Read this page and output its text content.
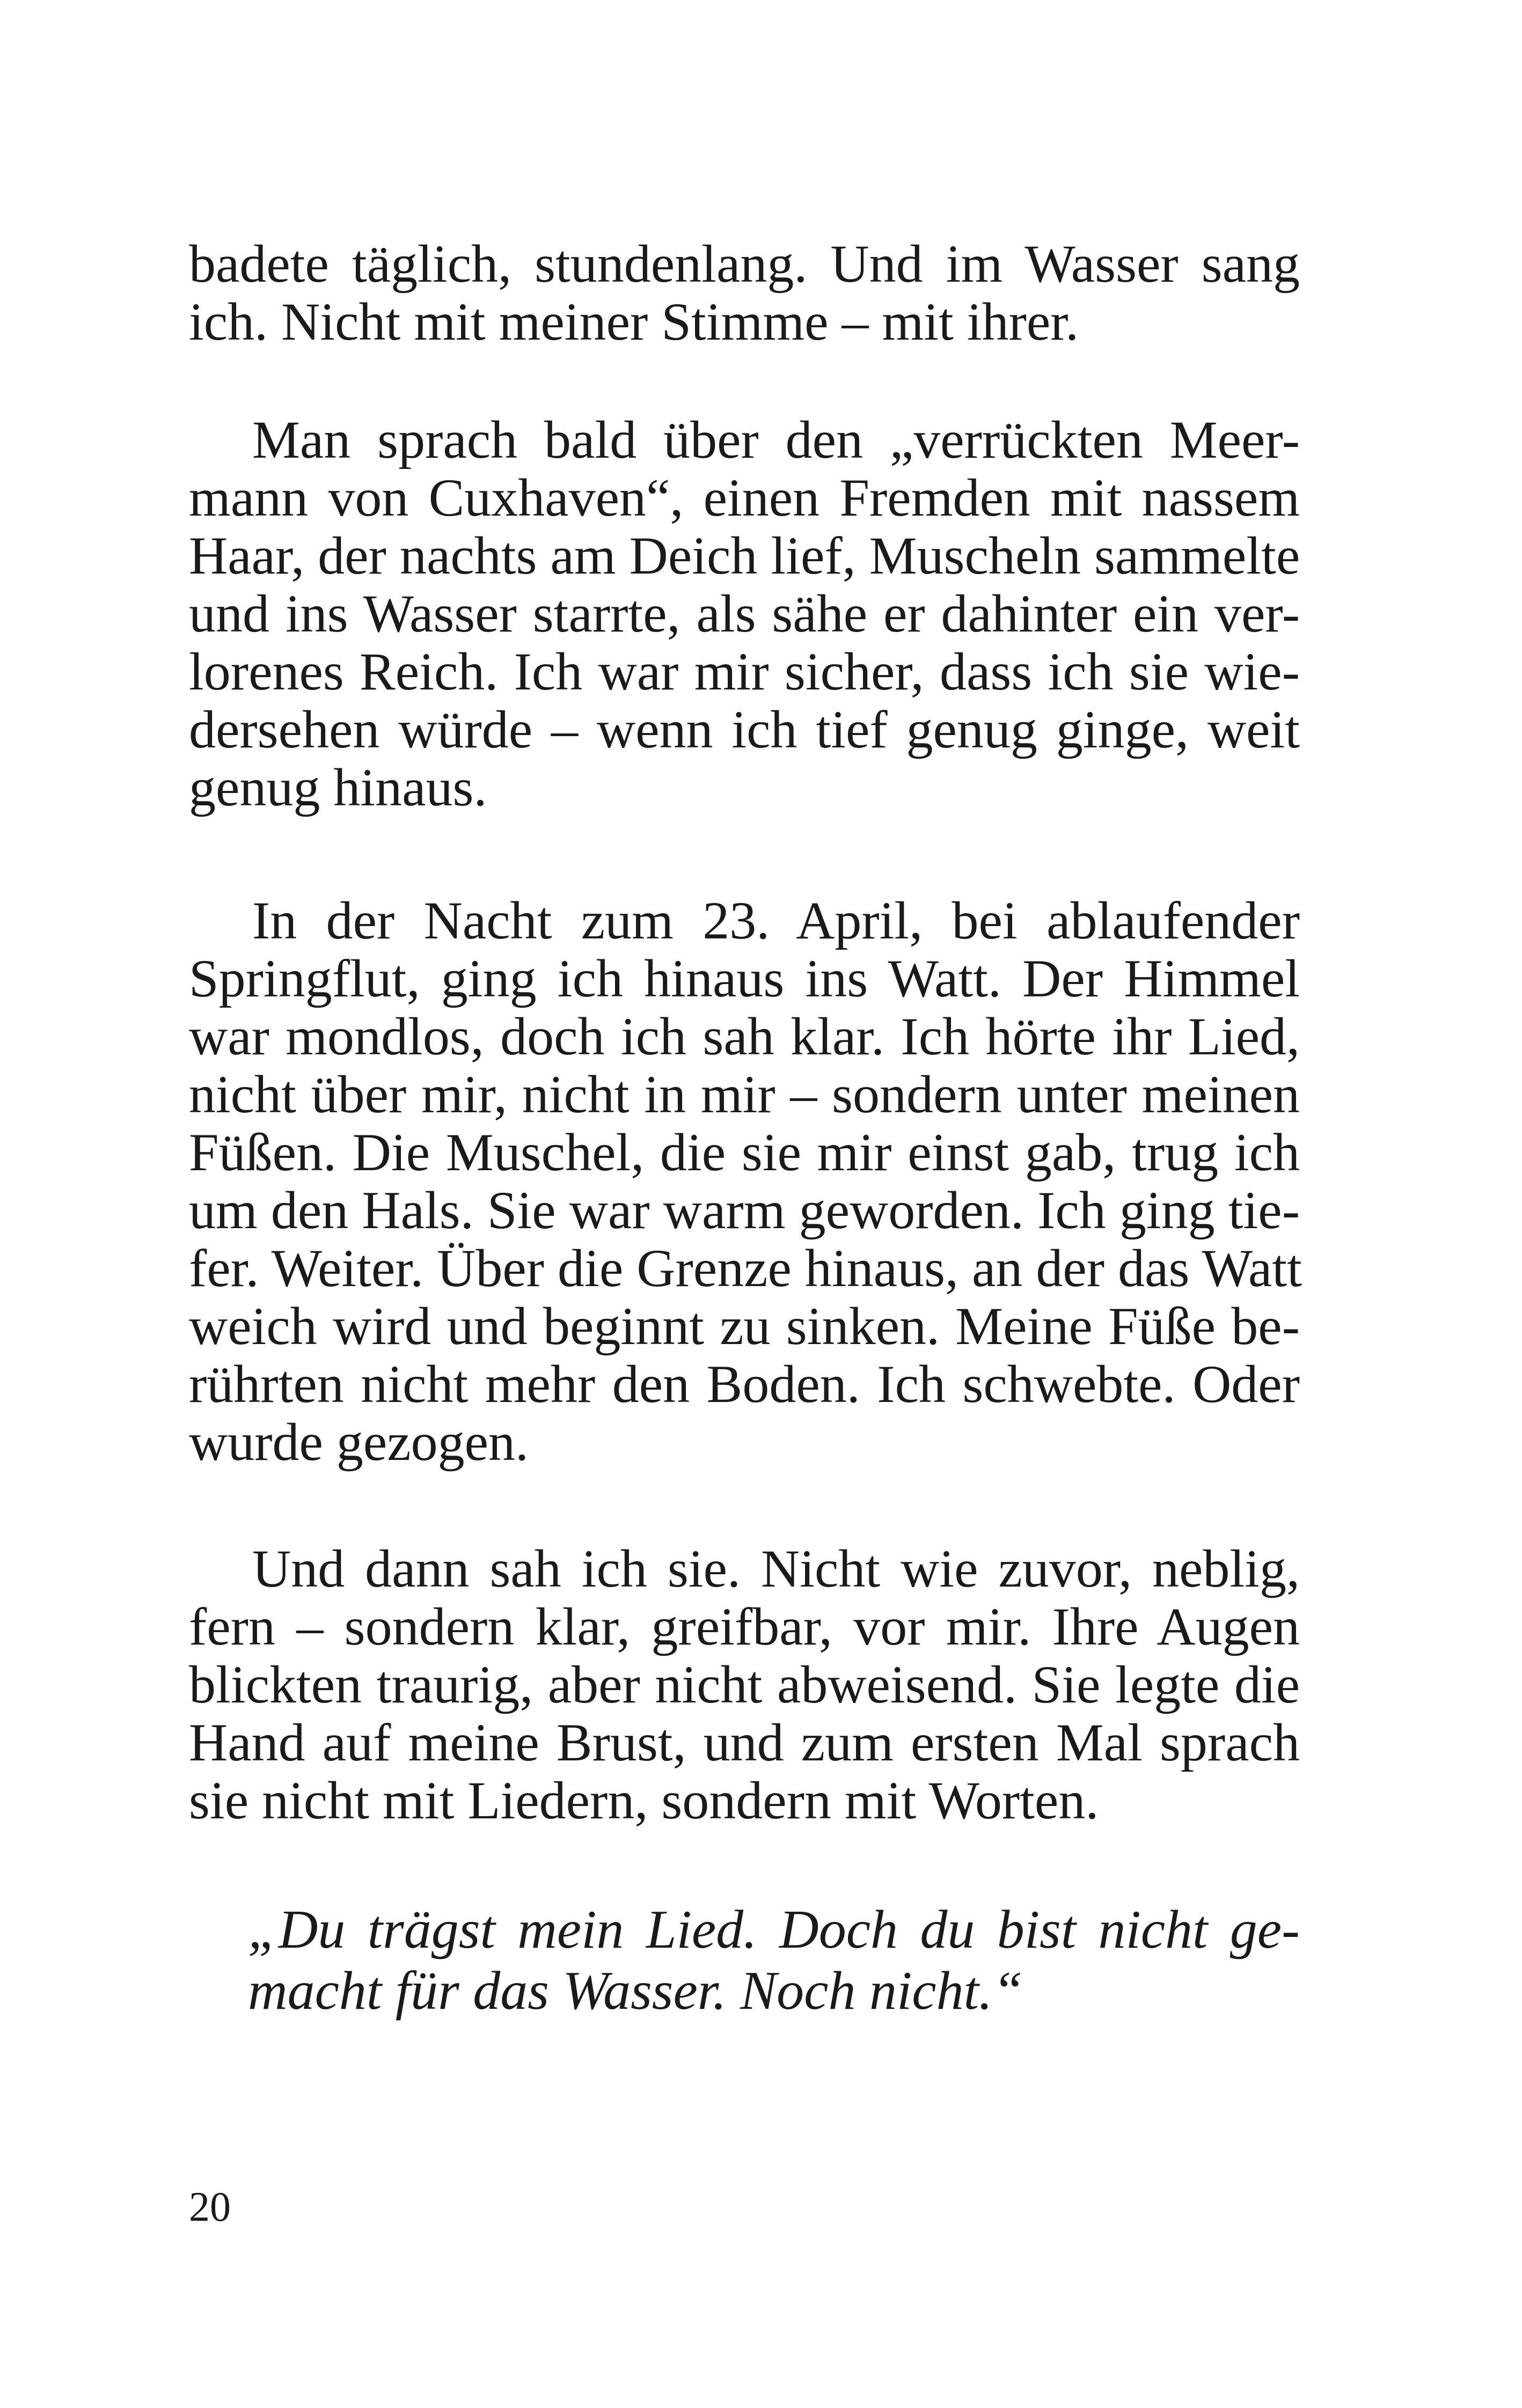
badete täglich, stundenlang. Und im Wasser sang
ich. Nicht mit meiner Stimme – mit ihrer.

Man sprach bald über den „verrückten Meer-
mann von Cuxhaven“, einen Fremden mit nassem
Haar, der nachts am Deich lief, Muscheln sammelte
und ins Wasser starrte, als sähe er dahinter ein ver-
lorenes Reich. Ich war mir sicher, dass ich sie wie-
dersehen würde – wenn ich tief genug ginge, weit
genug hinaus.

In der Nacht zum 23. April, bei ablaufender
Springflut, ging ich hinaus ins Watt. Der Himmel
war mondlos, doch ich sah klar. Ich hörte ihr Lied,
nicht über mir, nicht in mir – sondern unter meinen
Füßen. Die Muschel, die sie mir einst gab, trug ich
um den Hals. Sie war warm geworden. Ich ging tie-
fer. Weiter. Über die Grenze hinaus, an der das Watt
weich wird und beginnt zu sinken. Meine Füße be-
rührten nicht mehr den Boden. Ich schwebte. Oder
wurde gezogen.

Und dann sah ich sie. Nicht wie zuvor, neblig,
fern – sondern klar, greifbar, vor mir. Ihre Augen
blickten traurig, aber nicht abweisend. Sie legte die
Hand auf meine Brust, und zum ersten Mal sprach
sie nicht mit Liedern, sondern mit Worten.

„Du trägst mein Lied. Doch du bist nicht ge-
macht für das Wasser. Noch nicht.“

20
